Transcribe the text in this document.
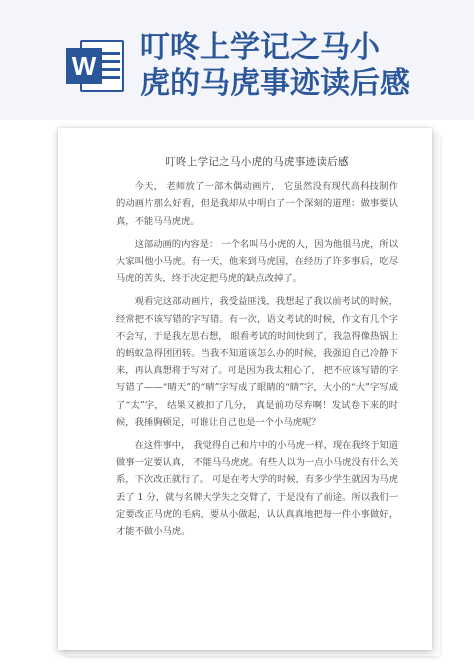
W
叮咚上学记之马小
虎的马虎事迹读后感
叮咚上学记之马小虎的马虎事迹读后感

今天， 老师放了一部木偶动画片， 它虽然没有现代高科技制作的动画片那么好看，但是我却从中明白了一个深刻的道理：做事要认真，不能马马虎虎。

这部动画的内容是： 一个名叫马小虎的人，因为他很马虎，所以大家叫他小马虎。有一天，他来到马虎国，在经历了许多事后，吃尽马虎的苦头，终于决定把马虎的缺点改掉了。

观看完这部动画片，我受益匪浅，我想起了我以前考试的时候，经常把不该写错的字写错。有一次，语文考试的时候，作文有几个字不会写，于是我左思右想， 眼看考试的时间快到了，我急得像热锅上的蚂蚁急得团团转。当我不知道该怎么办的时候，我强迫自己冷静下来，再认真想将于写对了。可是因为我太粗心了， 把不应该写错的字写错了——“晴天”的“晴”字写成了眼睛的“睛”字，大小的“大”字写成了“太”字， 结果又被扣了几分， 真是前功尽弃啊！发试卷下来的时候，我捶胸顿足，可谁让自己也是一个小马虎呢？

在这件事中， 我觉得自己和片中的小马虎一样，现在我终于知道做事一定要认真， 不能马马虎虎。有些人以为一点小马虎没有什么关系，下次改正就行了。 可是在考大学的时候，有多少学生就因为马虎丢了 1 分，就与名牌大学失之交臂了，于是没有了前途。所以我们一定要改正马虎的毛病，要从小做起，认认真真地把每一件小事做好，才能不做小马虎。
